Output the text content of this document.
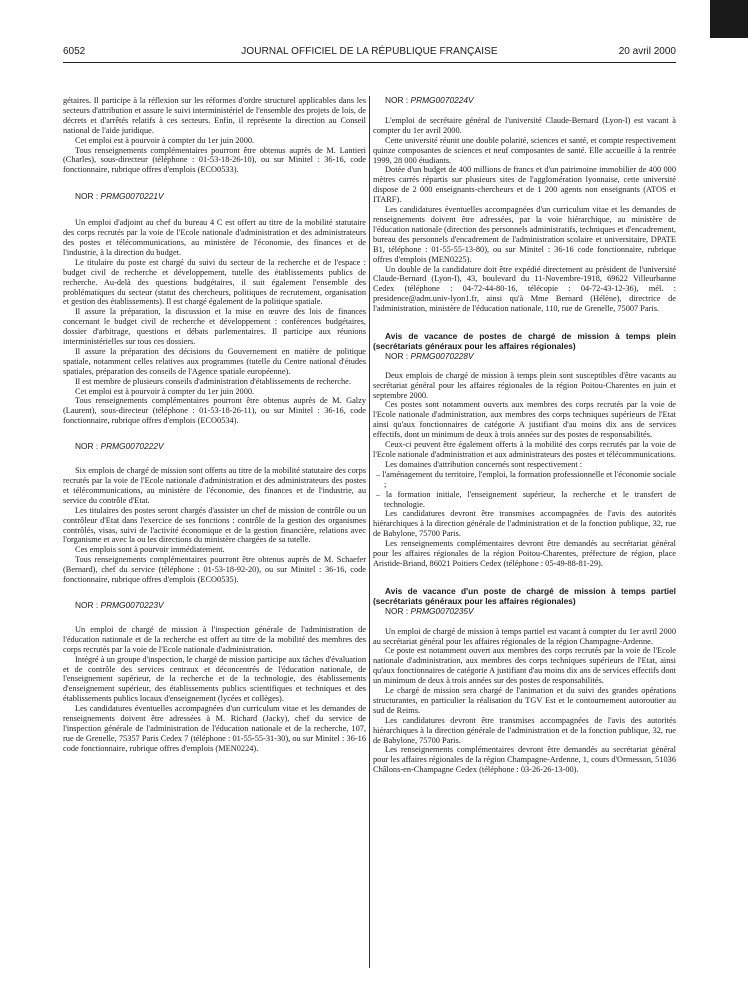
6052	JOURNAL OFFICIEL DE LA RÉPUBLIQUE FRANÇAISE	20 avril 2000

gétaires. Il participe à la réflexion sur les réformes d'ordre structurel applicables dans les secteurs d'attribution et assure le suivi interministériel de l'ensemble des projets de lois, de décrets et d'arrêtés relatifs à ces secteurs. Enfin, il représente la direction au Conseil national de l'aide juridique.

Cet emploi est à pourvoir à compter du 1er juin 2000.

Tous renseignements complémentaires pourront être obtenus auprès de M. Lantieri (Charles), sous-directeur (téléphone : 01-53-18-26-10), ou sur Minitel : 36-16, code fonctionnaire, rubrique offres d'emplois (ECO0533).

NOR : PRMG0070221V

Un emploi d'adjoint au chef du bureau 4 C est offert au titre de la mobilité statutaire des corps recrutés par la voie de l'Ecole nationale d'administration et des administrateurs des postes et télécommunications, au ministère de l'économie, des finances et de l'industrie, à la direction du budget.

Le titulaire du poste est chargé du suivi du secteur de la recherche et de l'espace : budget civil de recherche et développement, tutelle des établissements publics de recherche. Au-delà des questions budgétaires, il suit également l'ensemble des problématiques du secteur (statut des chercheurs, politiques de recrutement, organisation et gestion des établissements). Il est chargé également de la politique spatiale.

Il assure la préparation, la discussion et la mise en œuvre des lois de finances concernant le budget civil de recherche et développement : conférences budgétaires, dossier d'arbitrage, questions et débats parlementaires. Il participe aux réunions interministérielles sur tous ces dossiers.

Il assure la préparation des décisions du Gouvernement en matière de politique spatiale, notamment celles relatives aux programmes (tutelle du Centre national d'études spatiales, préparation des conseils de l'Agence spatiale européenne).

Il est membre de plusieurs conseils d'administration d'établissements de recherche.

Cet emploi est à pourvoir à compter du 1er juin 2000.

Tous renseignements complémentaires pourront être obtenus auprès de M. Galzy (Laurent), sous-directeur (téléphone : 01-53-18-26-11), ou sur Minitel : 36-16, code fonctionnaire, rubrique offres d'emplois (ECO0534).

NOR : PRMG0070222V

Six emplois de chargé de mission sont offerts au titre de la mobilité statutaire des corps recrutés par la voie de l'Ecole nationale d'administration et des administrateurs des postes et télécommunications, au ministère de l'économie, des finances et de l'industrie, au service du contrôle d'Etat.

Les titulaires des postes seront chargés d'assister un chef de mission de contrôle ou un contrôleur d'Etat dans l'exercice de ses fonctions : contrôle de la gestion des organismes contrôlés, visas, suivi de l'activité économique et de la gestion financière, relations avec l'organisme et avec la ou les directions du ministère chargées de sa tutelle.

Ces emplois sont à pourvoir immédiatement.

Tous renseignements complémentaires pourront être obtenus auprès de M. Schaefer (Bernard), chef du service (téléphone : 01-53-18-92-20), ou sur Minitel : 36-16, code fonctionnaire, rubrique offres d'emplois (ECO0535).

NOR : PRMG0070223V

Un emploi de chargé de mission à l'inspection générale de l'administration de l'éducation nationale et de la recherche est offert au titre de la mobilité des membres des corps recrutés par la voie de l'Ecole nationale d'administration.

Intégré à un groupe d'inspection, le chargé de mission participe aux tâches d'évaluation et de contrôle des services centraux et déconcentrés de l'éducation nationale, de l'enseignement supérieur, de la recherche et de la technologie, des établissements d'enseignement supérieur, des établissements publics scientifiques et techniques et des établissements publics locaux d'enseignement (lycées et collèges).

Les candidatures éventuelles accompagnées d'un curriculum vitae et les demandes de renseignements doivent être adressées à M. Richard (Jacky), chef du service de l'inspection générale de l'administration de l'éducation nationale et de la recherche, 107, rue de Grenelle, 75357 Paris Cedex 7 (téléphone : 01-55-55-31-30), ou sur Minitel : 36-16 code fonctionnaire, rubrique offres d'emplois (MEN0224).

NOR : PRMG0070224V

L'emploi de secrétaire général de l'université Claude-Bernard (Lyon-I) est vacant à compter du 1er avril 2000.

Cette université réunit une double polarité, sciences et santé, et compte respectivement quinze composantes de sciences et neuf composantes de santé. Elle accueille à la rentrée 1999, 28 000 étudiants.

Dotée d'un budget de 400 millions de francs et d'un patrimoine immobilier de 400 000 mètres carrés répartis sur plusieurs sites de l'agglomération lyonnaise, cette université dispose de 2 000 enseignants-chercheurs et de 1 200 agents non enseignants (ATOS et ITARF).

Les candidatures éventuelles accompagnées d'un curriculum vitae et les demandes de renseignements doivent être adressées, par la voie hiérarchique, au ministère de l'éducation nationale (direction des personnels administratifs, techniques et d'encadrement, bureau des personnels d'encadrement de l'administration scolaire et universitaire, DPATE B1, téléphone : 01-55-55-13-80), ou sur Minitel : 36-16 code fonctionnaire, rubrique offres d'emplois (MEN0225).

Un double de la candidature doit être expédié directement au président de l'université Claude-Bernard (Lyon-I), 43, boulevard du 11-Novembre-1918, 69622 Villeurbanne Cedex (téléphone : 04-72-44-80-16, télécopie : 04-72-43-12-36), mél. : presidence@adm.univ-lyon1.fr, ainsi qu'à Mme Bernard (Hélène), directrice de l'administration, ministère de l'éducation nationale, 110, rue de Grenelle, 75007 Paris.

Avis de vacance de postes de chargé de mission à temps plein (secrétariats généraux pour les affaires régionales)

NOR : PRMG0070228V

Deux emplois de chargé de mission à temps plein sont susceptibles d'être vacants au secrétariat général pour les affaires régionales de la région Poitou-Charentes en juin et septembre 2000.

Ces postes sont notamment ouverts aux membres des corps recrutés par la voie de l'Ecole nationale d'administration, aux membres des corps techniques supérieurs de l'Etat ainsi qu'aux fonctionnaires de catégorie A justifiant d'au moins dix ans de services effectifs, dont un minimum de deux à trois années sur des postes de responsabilités.

Ceux-ci peuvent être également offerts à la mobilité des corps recrutés par la voie de l'Ecole nationale d'administration et aux administrateurs des postes et télécommunications.

Les domaines d'attribution concernés sont respectivement :

– l'aménagement du territoire, l'emploi, la formation professionnelle et l'économie sociale ;
– la formation initiale, l'enseignement supérieur, la recherche et le transfert de technologie.

Les candidatures devront être transmises accompagnées de l'avis des autorités hiérarchiques à la direction générale de l'administration et de la fonction publique, 32, rue de Babylone, 75700 Paris.

Les renseignements complémentaires devront être demandés au secrétariat général pour les affaires régionales de la région Poitou-Charentes, préfecture de région, place Aristide-Briand, 86021 Poitiers Cedex (téléphone : 05-49-88-81-29).

Avis de vacance d'un poste de chargé de mission à temps partiel (secrétariats généraux pour les affaires régionales)

NOR : PRMG0070235V

Un emploi de chargé de mission à temps partiel est vacant à compter du 1er avril 2000 au secrétariat général pour les affaires régionales de la région Champagne-Ardenne.

Ce poste est notamment ouvert aux membres des corps recrutés par la voie de l'Ecole nationale d'administration, aux membres des corps techniques supérieurs de l'Etat, ainsi qu'aux fonctionnaires de catégorie A justifiant d'au moins dix ans de services effectifs dont un minimum de deux à trois années sur des postes de responsabilités.

Le chargé de mission sera chargé de l'animation et du suivi des grandes opérations structurantes, en particulier la réalisation du TGV Est et le contournement autoroutier au sud de Reims.

Les candidatures devront être transmises accompagnées de l'avis des autorités hiérarchiques à la direction générale de l'administration et de la fonction publique, 32, rue de Babylone, 75700 Paris.

Les renseignements complémentaires devront être demandés au secrétariat général pour les affaires régionales de la région Champagne-Ardenne, 1, cours d'Ormesson, 51036 Châlons-en-Champagne Cedex (téléphone : 03-26-26-13-00).
